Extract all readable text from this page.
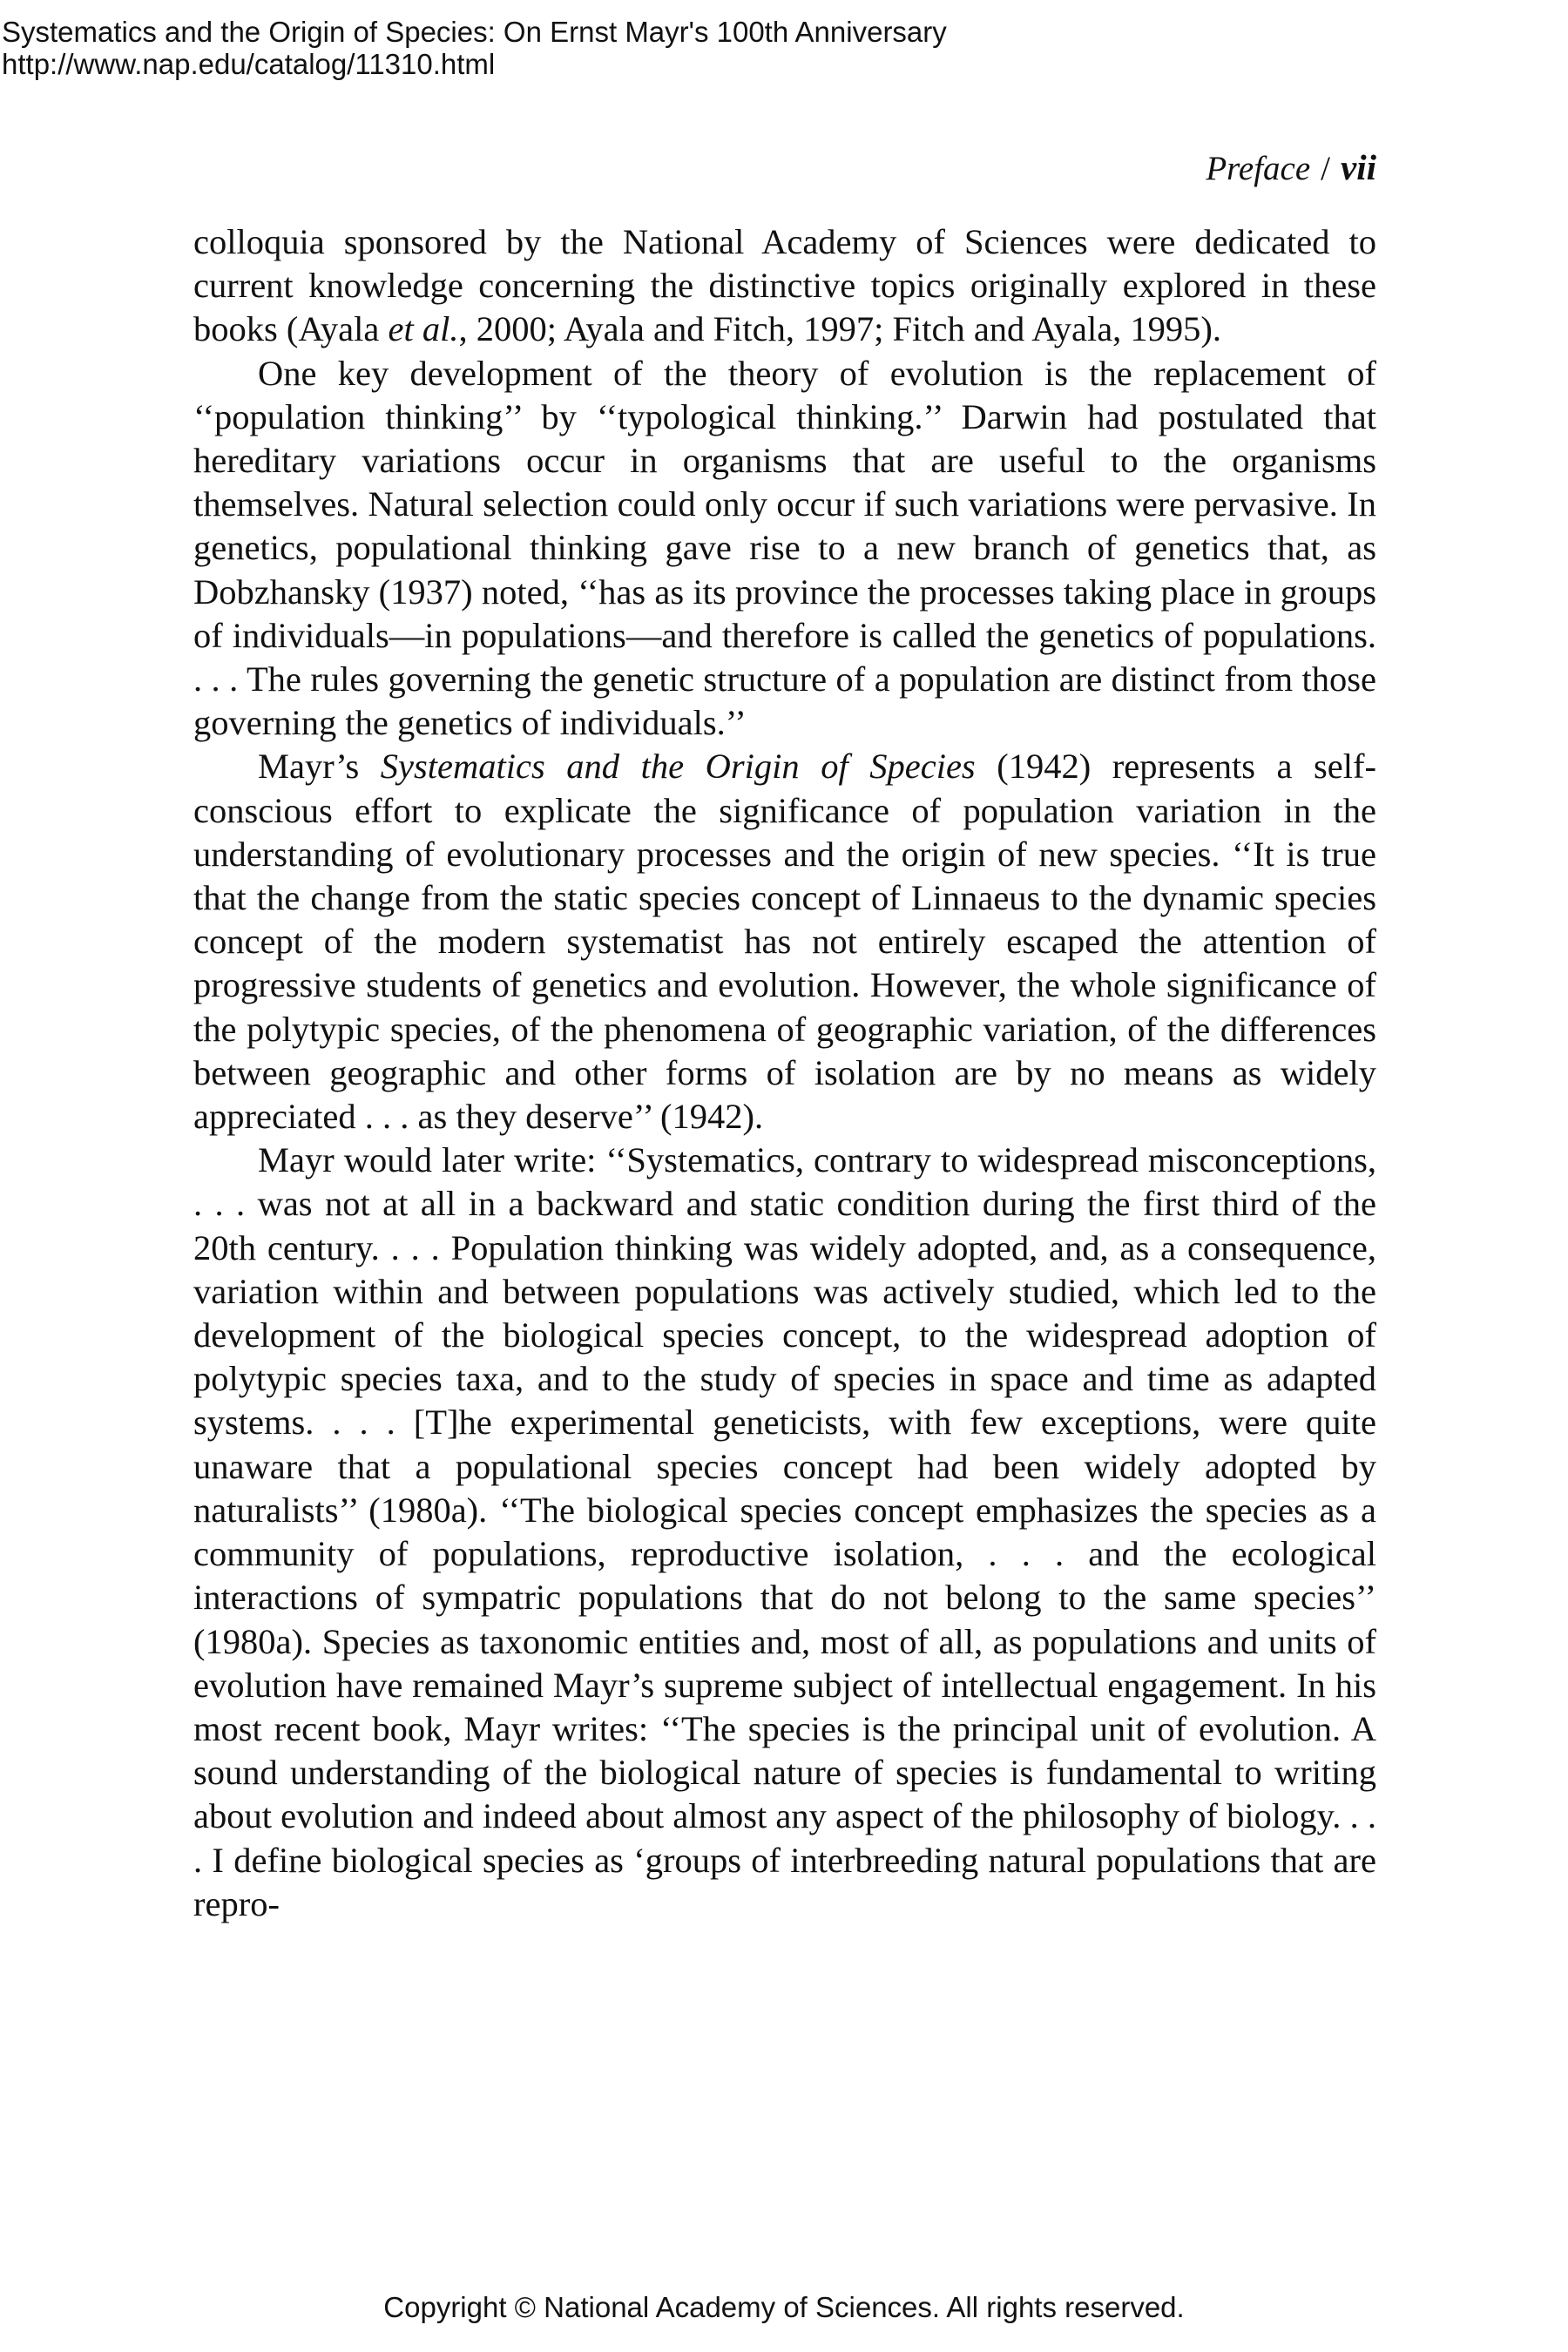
Systematics and the Origin of Species: On Ernst Mayr's 100th Anniversary
http://www.nap.edu/catalog/11310.html
Preface / vii

colloquia sponsored by the National Academy of Sciences were dedicated to current knowledge concerning the distinctive topics originally explored in these books (Ayala et al., 2000; Ayala and Fitch, 1997; Fitch and Ayala, 1995).

One key development of the theory of evolution is the replacement of ‘‘population thinking’’ by ‘‘typological thinking.’’ Darwin had postulated that hereditary variations occur in organisms that are useful to the organisms themselves. Natural selection could only occur if such variations were pervasive. In genetics, populational thinking gave rise to a new branch of genetics that, as Dobzhansky (1937) noted, ‘‘has as its province the processes taking place in groups of individuals—in populations—and therefore is called the genetics of populations. . . . The rules governing the genetic structure of a population are distinct from those governing the genetics of individuals.’’

Mayr’s Systematics and the Origin of Species (1942) represents a self-conscious effort to explicate the significance of population variation in the understanding of evolutionary processes and the origin of new species. ‘‘It is true that the change from the static species concept of Linnaeus to the dynamic species concept of the modern systematist has not entirely escaped the attention of progressive students of genetics and evolution. However, the whole significance of the polytypic species, of the phenomena of geographic variation, of the differences between geographic and other forms of isolation are by no means as widely appreciated . . . as they deserve’’ (1942).

Mayr would later write: ‘‘Systematics, contrary to widespread misconceptions, . . . was not at all in a backward and static condition during the first third of the 20th century. . . . Population thinking was widely adopted, and, as a consequence, variation within and between populations was actively studied, which led to the development of the biological species concept, to the widespread adoption of polytypic species taxa, and to the study of species in space and time as adapted systems. . . . [T]he experimental geneticists, with few exceptions, were quite unaware that a populational species concept had been widely adopted by naturalists’’ (1980a). ‘‘The biological species concept emphasizes the species as a community of populations, reproductive isolation, . . . and the ecological interactions of sympatric populations that do not belong to the same species’’ (1980a). Species as taxonomic entities and, most of all, as populations and units of evolution have remained Mayr’s supreme subject of intellectual engagement. In his most recent book, Mayr writes: ‘‘The species is the principal unit of evolution. A sound understanding of the biological nature of species is fundamental to writing about evolution and indeed about almost any aspect of the philosophy of biology. . . . I define biological species as ‘groups of interbreeding natural populations that are repro-

Copyright © National Academy of Sciences. All rights reserved.
